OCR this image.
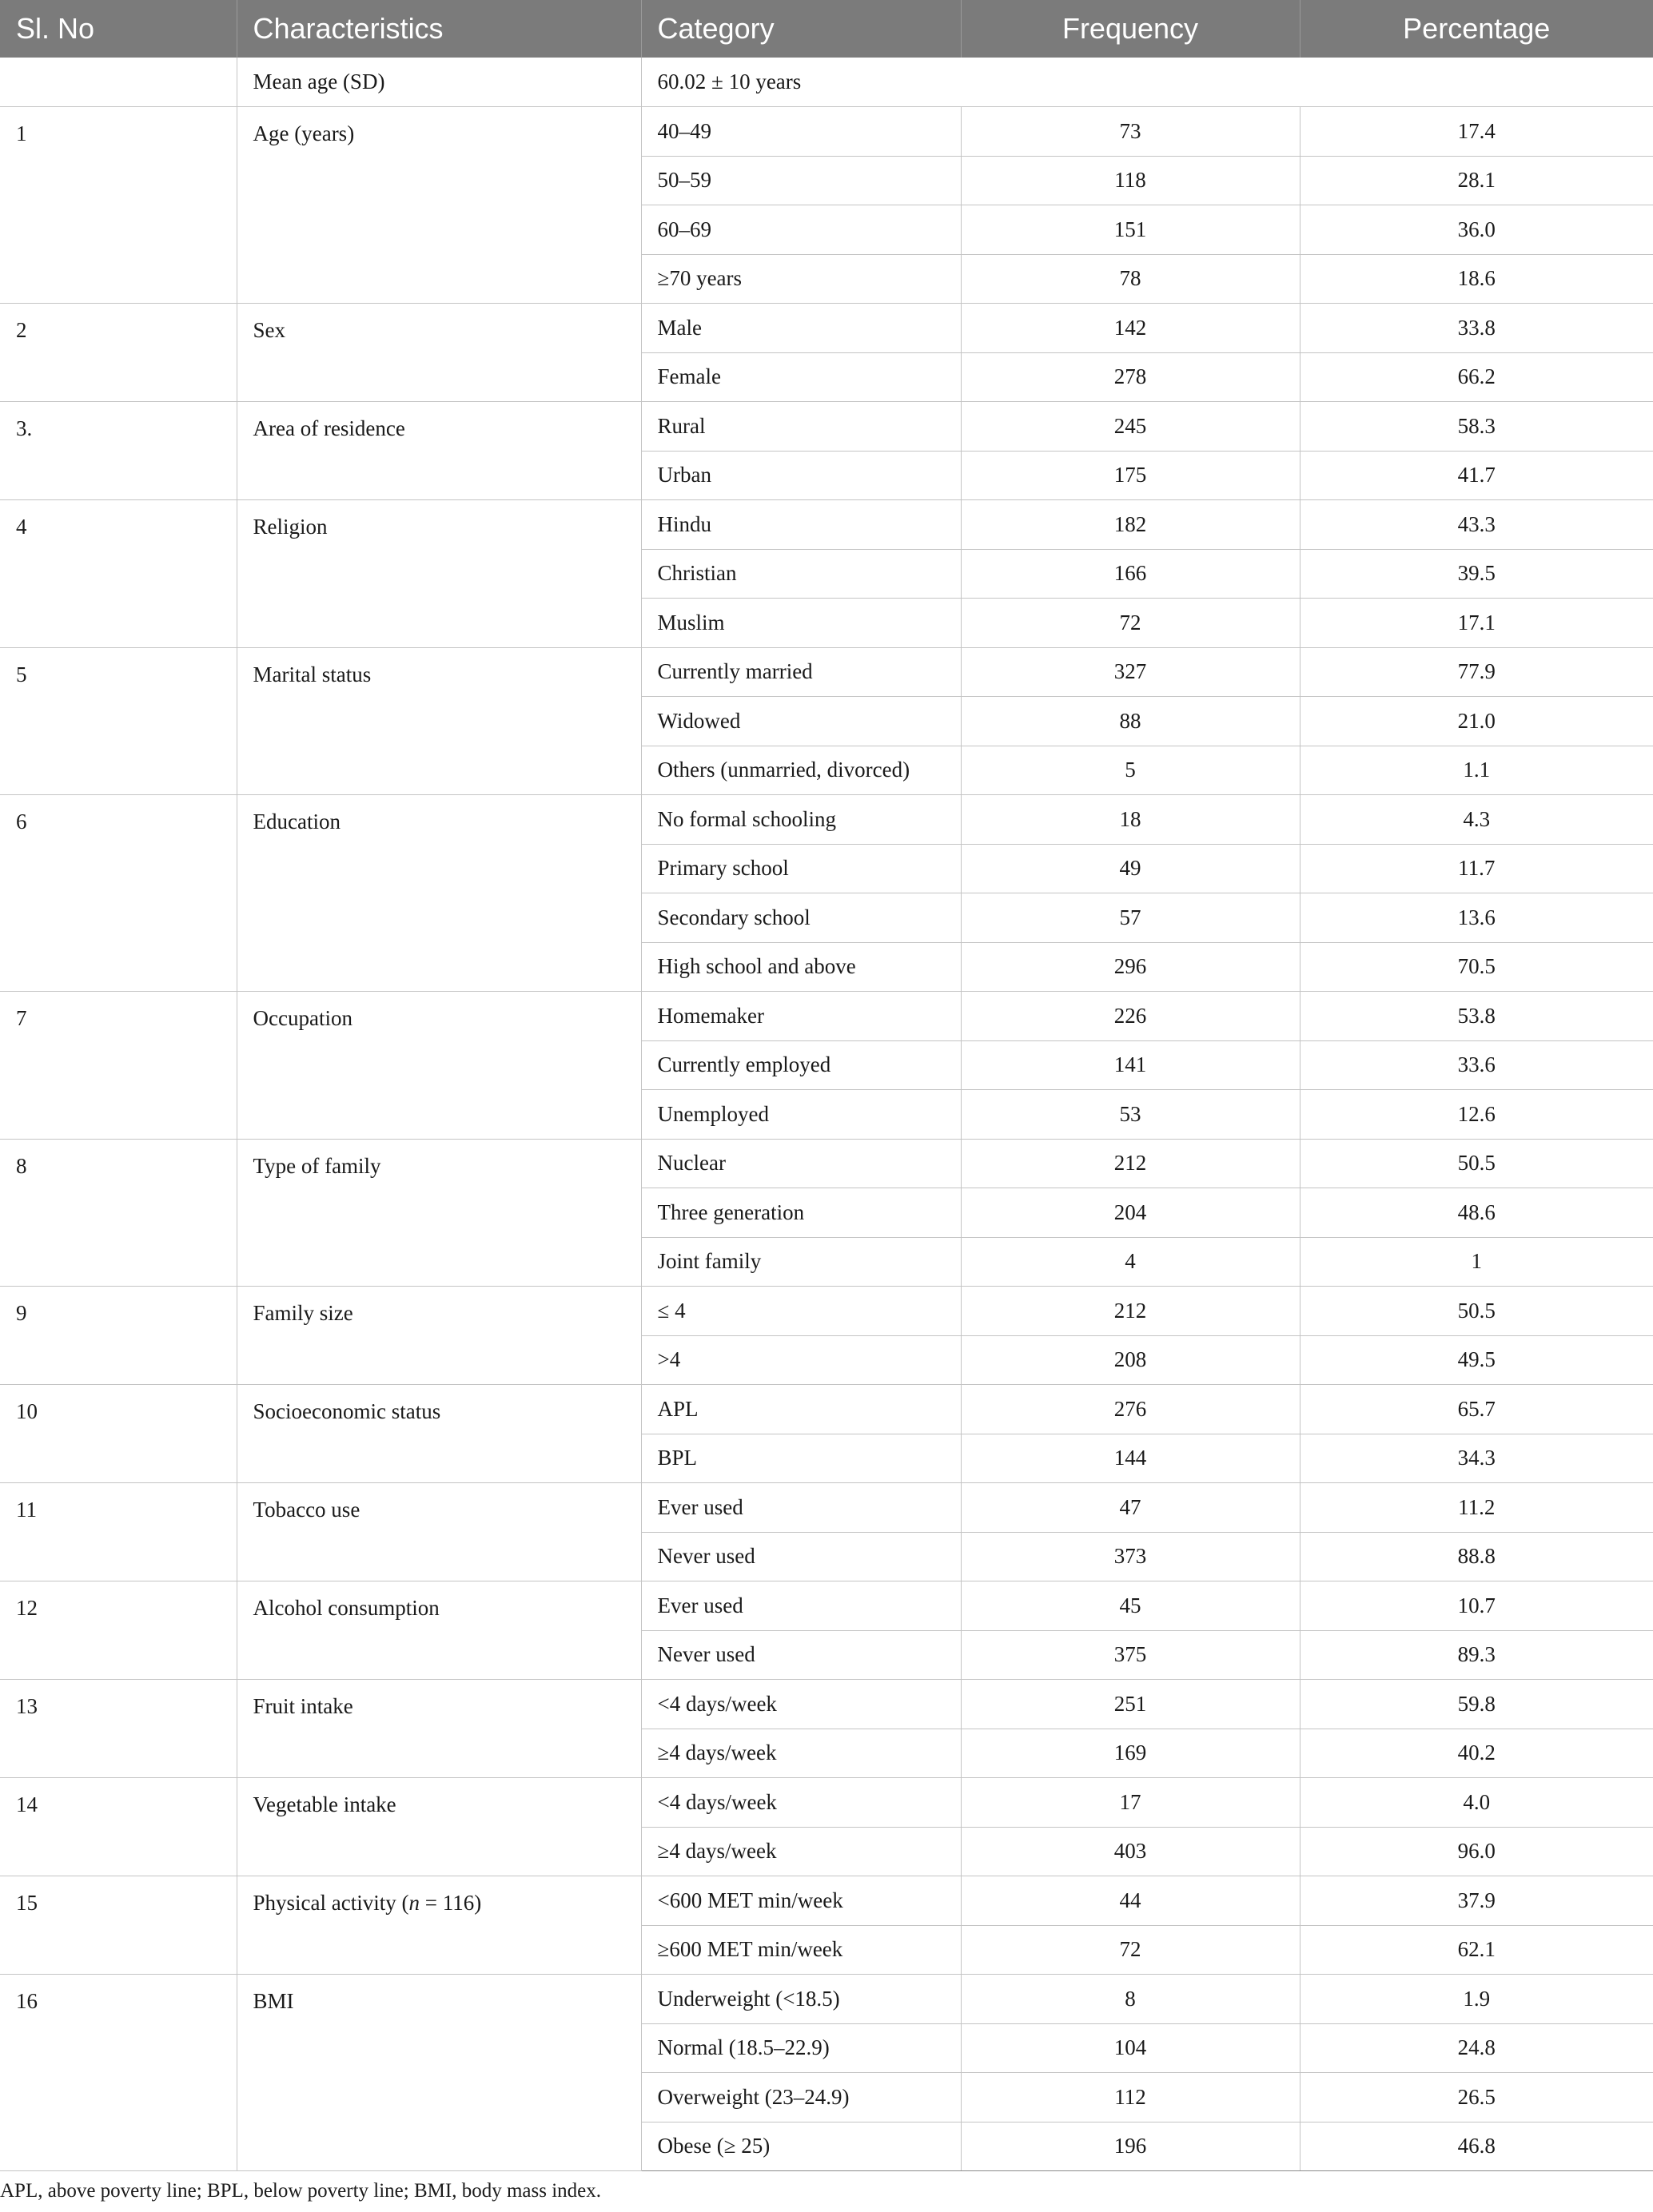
Sl. No	Characteristics	Category	Frequency	Percentage
	Mean age (SD)	60.02 ± 10 years		
1	Age (years)	40–49	73	17.4
		50–59	118	28.1
		60–69	151	36.0
		≥70 years	78	18.6
2	Sex	Male	142	33.8
		Female	278	66.2
3.	Area of residence	Rural	245	58.3
		Urban	175	41.7
4	Religion	Hindu	182	43.3
		Christian	166	39.5
		Muslim	72	17.1
5	Marital status	Currently married	327	77.9
		Widowed	88	21.0
		Others (unmarried, divorced)	5	1.1
6	Education	No formal schooling	18	4.3
		Primary school	49	11.7
		Secondary school	57	13.6
		High school and above	296	70.5
7	Occupation	Homemaker	226	53.8
		Currently employed	141	33.6
		Unemployed	53	12.6
8	Type of family	Nuclear	212	50.5
		Three generation	204	48.6
		Joint family	4	1
9	Family size	≤ 4	212	50.5
		>4	208	49.5
10	Socioeconomic status	APL	276	65.7
		BPL	144	34.3
11	Tobacco use	Ever used	47	11.2
		Never used	373	88.8
12	Alcohol consumption	Ever used	45	10.7
		Never used	375	89.3
13	Fruit intake	<4 days/week	251	59.8
		≥4 days/week	169	40.2
14	Vegetable intake	<4 days/week	17	4.0
		≥4 days/week	403	96.0
15	Physical activity (n = 116)	<600 MET min/week	44	37.9
		≥600 MET min/week	72	62.1
16	BMI	Underweight (<18.5)	8	1.9
		Normal (18.5–22.9)	104	24.8
		Overweight (23–24.9)	112	26.5
		Obese (≥ 25)	196	46.8

APL, above poverty line; BPL, below poverty line; BMI, body mass index.
